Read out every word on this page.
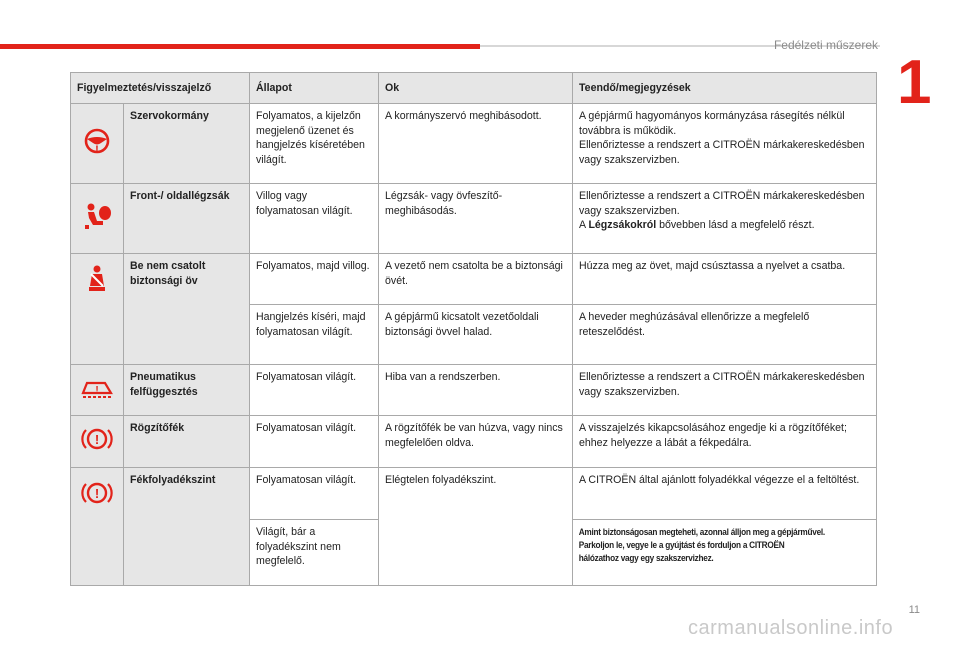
Fedélzeti műszerek
1
Figyelmeztetés/visszajelző		Állapot	Ok	Teendő/megjegyzések

!	Szervokormány	Folyamatos, a kijelzőn megjelenő üzenet és hangjelzés kíséretében világít.	A kormányszervó meghibásodott.	A gépjármű hagyományos kormányzása rásegítés nélkül továbbra is működik.
Ellenőriztesse a rendszert a CITROËN márkakereskedésben vagy szakszervizben.

	Front-/ oldallégzsák	Villog vagy folyamatosan világít.	Légzsák- vagy övfeszítő-meghibásodás.	Ellenőriztesse a rendszert a CITROËN márkakereskedésben vagy szakszervizben.
A Légzsákokról bővebben lásd a megfelelő részt.

	Be nem csatolt biztonsági öv	Folyamatos, majd villog.	A vezető nem csatolta be a biztonsági övét.	Húzza meg az övet, majd csúsztassa a nyelvet a csatba.
		Hangjelzés kíséri, majd folyamatosan világít.	A gépjármű kicsatolt vezetőoldali biztonsági övvel halad.	A heveder meghúzásával ellenőrizze a megfelelő reteszelődést.

!	Pneumatikus felfüggesztés	Folyamatosan világít.	Hiba van a rendszerben.	Ellenőriztesse a rendszert a CITROËN márkakereskedésben vagy szakszervizben.

!	Rögzítőfék	Folyamatosan világít.	A rögzítőfék be van húzva, vagy nincs megfelelően oldva.	A visszajelzés kikapcsolásához engedje ki a rögzítőféket; ehhez helyezze a lábát a fékpedálra.

!	Fékfolyadékszint	Folyamatosan világít.	Elégtelen folyadékszint.	A CITROËN által ajánlott folyadékkal végezze el a feltöltést.
		Világít, bár a folyadékszint nem megfelelő.		Amint biztonságosan megteheti, azonnal álljon meg a gépjárművel.
Parkoljon le, vegye le a gyújtást és forduljon a CITROËN
hálózathoz vagy egy szakszervizhez.
11
carmanualsonline.info
